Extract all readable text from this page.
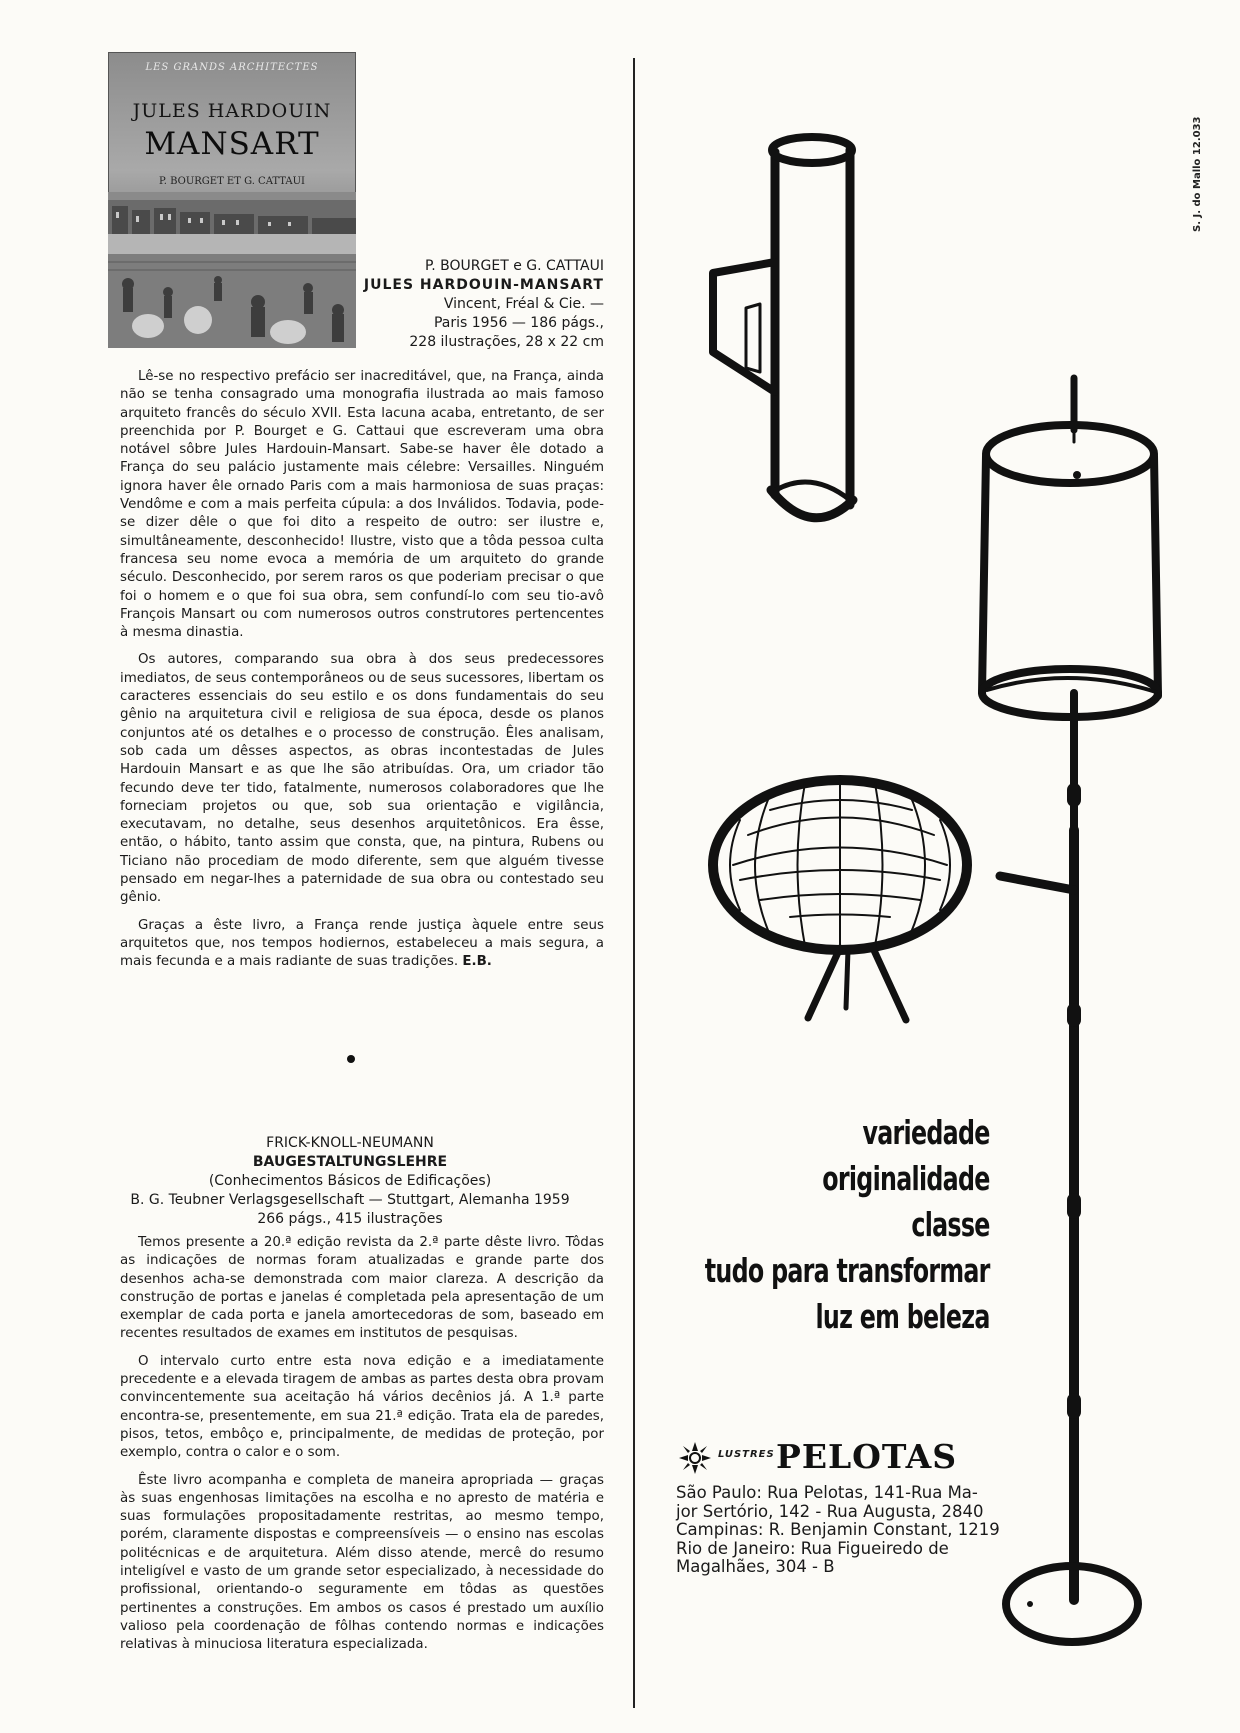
LES GRANDS ARCHITECTES
JULES HARDOUIN
MANSART
P. BOURGET ET G. CATTAUI
P. BOURGET e G. CATTAUI
JULES HARDOUIN-MANSART
Vincent, Fréal & Cie. —
Paris 1956 — 186 págs.,
228 ilustrações, 28 x 22 cm

Lê-se no respectivo prefácio ser inacreditável, que, na França, ainda não se tenha consagrado uma monografia ilustrada ao mais famoso arquiteto francês do século XVII. Esta lacuna acaba, entretanto, de ser preenchida por P. Bourget e G. Cattaui que escreveram uma obra notável sôbre Jules Hardouin-Mansart. Sabe-se haver êle dotado a França do seu palácio justamente mais célebre: Versailles. Ninguém ignora haver êle ornado Paris com a mais harmoniosa de suas praças: Vendôme e com a mais perfeita cúpula: a dos Inválidos. Todavia, pode-se dizer dêle o que foi dito a respeito de outro: ser ilustre e, simultâneamente, desconhecido! Ilustre, visto que a tôda pessoa culta francesa seu nome evoca a memória de um arquiteto do grande século. Desconhecido, por serem raros os que poderiam precisar o que foi o homem e o que foi sua obra, sem confundí-lo com seu tio-avô François Mansart ou com numerosos outros construtores pertencentes à mesma dinastia.

Os autores, comparando sua obra à dos seus predecessores imediatos, de seus contemporâneos ou de seus sucessores, libertam os caracteres essenciais do seu estilo e os dons fundamentais do seu gênio na arquitetura civil e religiosa de sua época, desde os planos conjuntos até os detalhes e o processo de construção. Êles analisam, sob cada um dêsses aspectos, as obras incontestadas de Jules Hardouin Mansart e as que lhe são atribuídas. Ora, um criador tão fecundo deve ter tido, fatalmente, numerosos colaboradores que lhe forneciam projetos ou que, sob sua orientação e vigilância, executavam, no detalhe, seus desenhos arquitetônicos. Era êsse, então, o hábito, tanto assim que consta, que, na pintura, Rubens ou Ticiano não procediam de modo diferente, sem que alguém tivesse pensado em negar-lhes a paternidade de sua obra ou contestado seu gênio.

Graças a êste livro, a França rende justiça àquele entre seus arquitetos que, nos tempos hodiernos, estabeleceu a mais segura, a mais fecunda e a mais radiante de suas tradições. E.B.

FRICK-KNOLL-NEUMANN
BAUGESTALTUNGSLEHRE
(Conhecimentos Básicos de Edificações)
B. G. Teubner Verlagsgesellschaft — Stuttgart, Alemanha 1959
266 págs., 415 ilustrações

Temos presente a 20.ª edição revista da 2.ª parte dêste livro. Tôdas as indicações de normas foram atualizadas e grande parte dos desenhos acha-se demonstrada com maior clareza. A descrição da construção de portas e janelas é completada pela apresentação de um exemplar de cada porta e janela amortecedoras de som, baseado em recentes resultados de exames em institutos de pesquisas.

O intervalo curto entre esta nova edição e a imediatamente precedente e a elevada tiragem de ambas as partes desta obra provam convincentemente sua aceitação há vários decênios já. A 1.ª parte encontra-se, presentemente, em sua 21.ª edição. Trata ela de paredes, pisos, tetos, embôço e, principalmente, de medidas de proteção, por exemplo, contra o calor e o som.

Êste livro acompanha e completa de maneira apropriada — graças às suas engenhosas limitações na escolha e no apresto de matéria e suas formulações propositadamente restritas, ao mesmo tempo, porém, claramente dispostas e compreensíveis — o ensino nas escolas politécnicas e de arquitetura. Além disso atende, mercê do resumo inteligível e vasto de um grande setor especializado, à necessidade do profissional, orientando-o seguramente em tôdas as questões pertinentes a construções. Em ambos os casos é prestado um auxílio valioso pela coordenação de fôlhas contendo normas e indicações relativas à minuciosa literatura especializada.

variedade
originalidade
classe
tudo para transformar
luz em beleza
LUSTRES PELOTAS
São Paulo: Rua Pelotas, 141-Rua Ma-
jor Sertório, 142 - Rua Augusta, 2840
Campinas: R. Benjamin Constant, 1219
Rio de Janeiro: Rua Figueiredo de
Magalhães, 304 - B
S. J. do Mallo 12.033
